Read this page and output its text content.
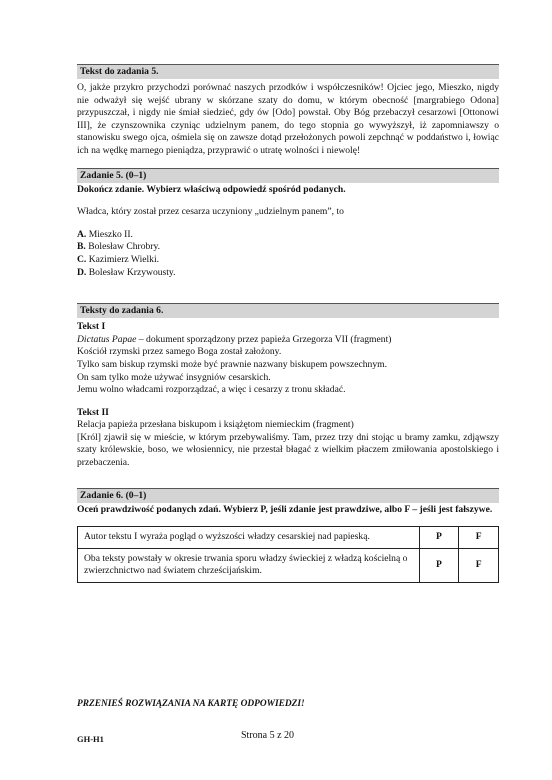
Tekst do zadania 5.

O, jakże przykro przychodzi porównać naszych przodków i współczesników! Ojciec jego, Mieszko, nigdy nie odważył się wejść ubrany w skórzane szaty do domu, w którym obecność [margrabiego Odona] przypuszczał, i nigdy nie śmiał siedzieć, gdy ów [Odo] powstał. Oby Bóg przebaczył cesarzowi [Ottonowi III], że czynszownika czyniąc udzielnym panem, do tego stopnia go wywyższył, iż zapomniawszy o stanowisku swego ojca, ośmiela się on zawsze dotąd przełożonych powoli zepchnąć w poddaństwo i, łowiąc ich na wędkę marnego pieniądza, przyprawić o utratę wolności i niewolę!

Zadanie 5. (0–1)

Dokończ zdanie. Wybierz właściwą odpowiedź spośród podanych.

Władca, który został przez cesarza uczyniony „udzielnym panem”, to

A. Mieszko II.

B. Bolesław Chrobry.

C. Kazimierz Wielki.

D. Bolesław Krzywousty.

Teksty do zadania 6.

Tekst I

Dictatus Papae – dokument sporządzony przez papieża Grzegorza VII (fragment)

Kościół rzymski przez samego Boga został założony.

Tylko sam biskup rzymski może być prawnie nazwany biskupem powszechnym.

On sam tylko może używać insygniów cesarskich.

Jemu wolno władcami rozporządzać, a więc i cesarzy z tronu składać.

Tekst II

Relacja papieża przesłana biskupom i książętom niemieckim (fragment)

[Król] zjawił się w mieście, w którym przebywaliśmy. Tam, przez trzy dni stojąc u bramy zamku, zdjąwszy szaty królewskie, boso, we włosiennicy, nie przestał błagać z wielkim płaczem zmiłowania apostolskiego i przebaczenia.

Zadanie 6. (0–1)

Oceń prawdziwość podanych zdań. Wybierz P, jeśli zdanie jest prawdziwe, albo F – jeśli jest fałszywe.

Autor tekstu I wyraża pogląd o wyższości władzy cesarskiej nad papieską.	P	F
Oba teksty powstały w okresie trwania sporu władzy świeckiej z władzą kościelną o zwierzchnictwo nad światem chrześcijańskim.	P	F
PRZENIEŚ ROZWIĄZANIA NA KARTĘ ODPOWIEDZI!
GH-H1	Strona 5 z 20
